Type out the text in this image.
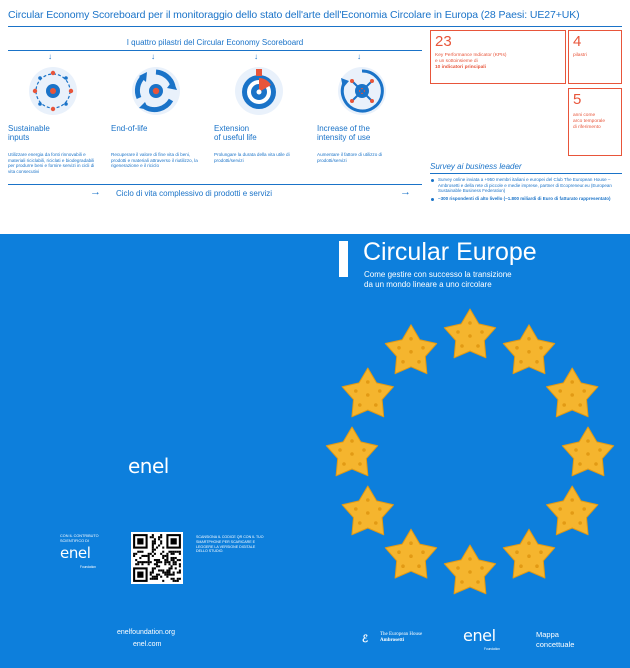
Circular Economy Scoreboard per il monitoraggio dello stato dell'arte dell'Economia Circolare in Europa (28 Paesi: UE27+UK)
I quattro pilastri del Circular Economy Scoreboard
↓
Sustainable
inputs
Utilizzare energia da fonti rinnovabili e materiali riciclabili, riciclati e biodegradabili per produrre beni e fornire servizi in cicli di vita consecutivi
↓
End-of-life
Recuperare il valore di fine vita di beni, prodotti e materiali attraverso il riutilizzo, la rigenerazione e il riciclo
↓
Extension
of useful life
Prolungare la durata della vita utile di prodotti/servizi
↓
Increase of the
intensity of use
Aumentare il fattore di utilizzo di prodotti/servizi
→ Ciclo di vita complessivo di prodotti e servizi	→
23
Key Performance Indicator (KPIs)
e un sottoinsieme di
10 indicatori principali
4
pilastri
5
anni come
arco temporale
di riferimento
Survey ai business leader
Survey online inviata a +950 membri italiani e europei del Club The European House – Ambrosetti e della rete di piccole e medie imprese, partner di Ecopreneur.eu (European Sustainable Business Federation)
~300 rispondenti di alto livello (~1.800 miliardi di Euro di fatturato rappresentato)
Circular Europe
Come gestire con successo la transizione
da un mondo lineare a uno circolare
enel
CON IL CONTRIBUTO SCIENTIFICO DI
enel
Foundation
SCANSIONA IL CODICE QR CON IL TUO SMARTPHONE PER SCARICARE E LEGGERE LA VERSIONE DIGITALE DELLO STUDIO.
enelfoundation.org
enel.com	ℰ The European House
Ambrosetti	enel
Foundation
Mappa
concettuale
